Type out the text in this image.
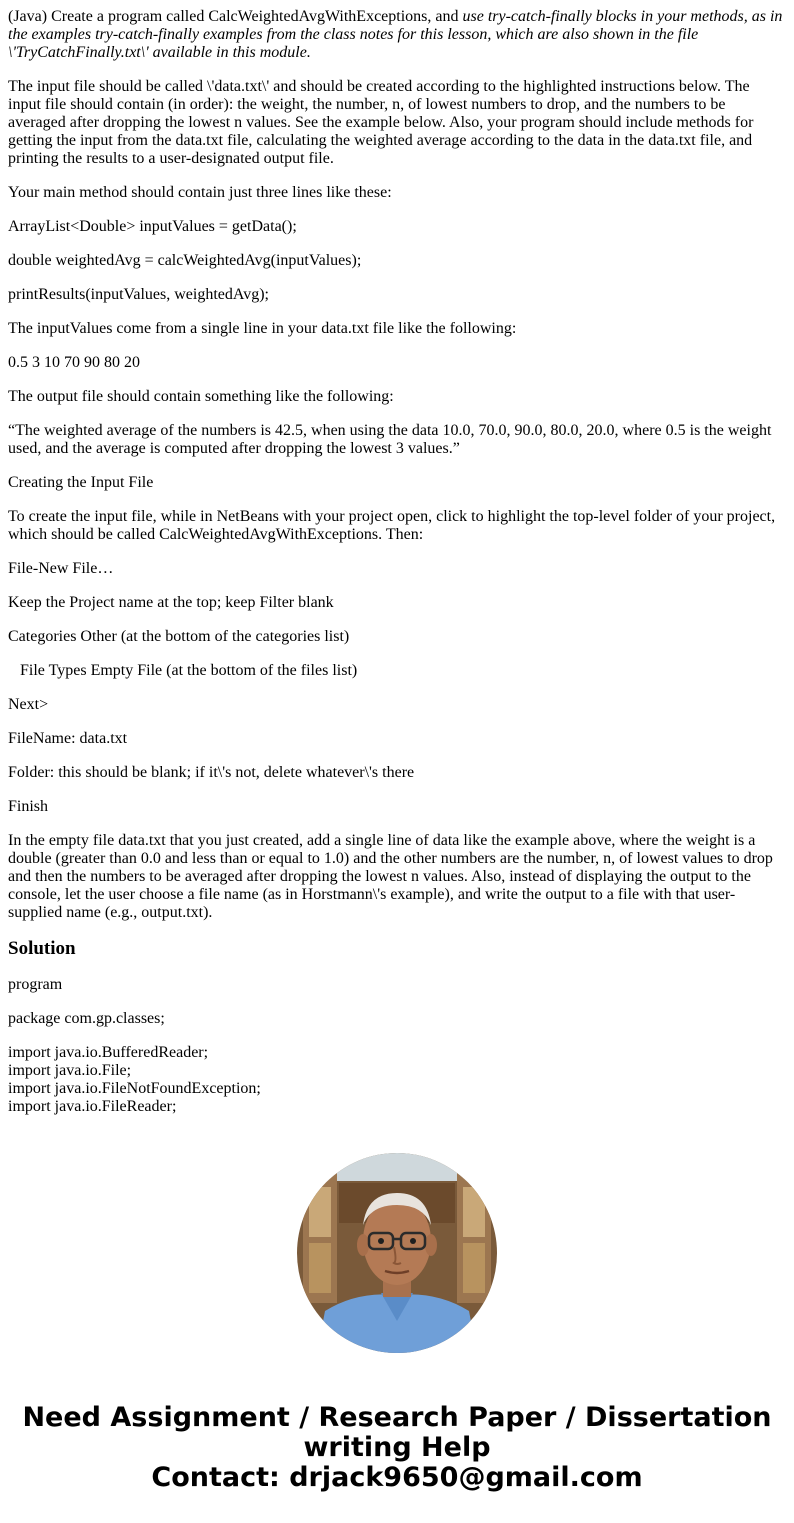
(Java) Create a program called CalcWeightedAvgWithExceptions, and use try-catch-finally blocks in your methods, as in the examples try-catch-finally examples from the class notes for this lesson, which are also shown in the file \'TryCatchFinally.txt\' available in this module.

The input file should be called \'data.txt\' and should be created according to the highlighted instructions below. The input file should contain (in order): the weight, the number, n, of lowest numbers to drop, and the numbers to be averaged after dropping the lowest n values. See the example below. Also, your program should include methods for getting the input from the data.txt file, calculating the weighted average according to the data in the data.txt file, and printing the results to a user-designated output file.

Your main method should contain just three lines like these:

ArrayList<Double> inputValues = getData();

double weightedAvg = calcWeightedAvg(inputValues);

printResults(inputValues, weightedAvg);

The inputValues come from a single line in your data.txt file like the following:

0.5 3 10 70 90 80 20

The output file should contain something like the following:

“The weighted average of the numbers is 42.5, when using the data 10.0, 70.0, 90.0, 80.0, 20.0, where 0.5 is the weight used, and the average is computed after dropping the lowest 3 values.”

Creating the Input File

To create the input file, while in NetBeans with your project open, click to highlight the top-level folder of your project, which should be called CalcWeightedAvgWithExceptions. Then:

File-New File…

Keep the Project name at the top; keep Filter blank

Categories Other (at the bottom of the categories list)

File Types Empty File (at the bottom of the files list)

Next>

FileName: data.txt

Folder: this should be blank; if it\'s not, delete whatever\'s there

Finish

In the empty file data.txt that you just created, add a single line of data like the example above, where the weight is a double (greater than 0.0 and less than or equal to 1.0) and the other numbers are the number, n, of lowest values to drop and then the numbers to be averaged after dropping the lowest n values. Also, instead of displaying the output to the console, let the user choose a file name (as in Horstmann\'s example), and write the output to a file with that user-supplied name (e.g., output.txt).

Solution

program

package com.gp.classes;

import java.io.BufferedReader;
import java.io.File;
import java.io.FileNotFoundException;
import java.io.FileReader;
Need Assignment / Research Paper / Dissertation
writing Help
Contact: drjack9650@gmail.com
